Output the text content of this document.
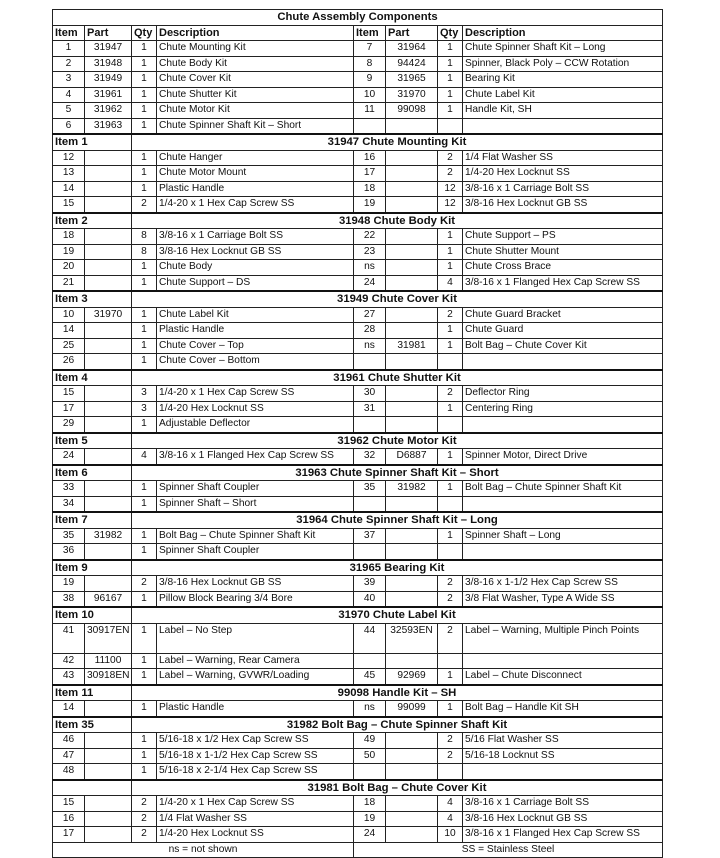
Chute Assembly Components							
Item	Part	Qty	Description	Item	Part	Qty	Description
1	31947	1	Chute Mounting Kit	7	31964	1	Chute Spinner Shaft Kit – Long
2	31948	1	Chute Body Kit	8	94424	1	Spinner, Black Poly – CCW Rotation
3	31949	1	Chute Cover Kit	9	31965	1	Bearing Kit
4	31961	1	Chute Shutter Kit	10	31970	1	Chute Label Kit
5	31962	1	Chute Motor Kit	11	99098	1	Handle Kit, SH
6	31963	1	Chute Spinner Shaft Kit – Short				
Item 1		31947 Chute Mounting Kit					
12		1	Chute Hanger	16		2	1/4 Flat Washer SS
13		1	Chute Motor Mount	17		2	1/4-20 Hex Locknut SS
14		1	Plastic Handle	18		12	3/8-16 x 1 Carriage Bolt SS
15		2	1/4-20 x 1 Hex Cap Screw SS	19		12	3/8-16 Hex Locknut GB SS
Item 2		31948 Chute Body Kit					
18		8	3/8-16 x 1 Carriage Bolt SS	22		1	Chute Support – PS
19		8	3/8-16 Hex Locknut GB SS	23		1	Chute Shutter Mount
20		1	Chute Body	ns		1	Chute Cross Brace
21		1	Chute Support – DS	24		4	3/8-16 x 1 Flanged Hex Cap Screw SS
Item 3		31949 Chute Cover Kit					
10	31970	1	Chute Label Kit	27		2	Chute Guard Bracket
14		1	Plastic Handle	28		1	Chute Guard
25		1	Chute Cover – Top	ns	31981	1	Bolt Bag – Chute Cover Kit
26		1	Chute Cover – Bottom				
Item 4		31961 Chute Shutter Kit					
15		3	1/4-20 x 1 Hex Cap Screw SS	30		2	Deflector Ring
17		3	1/4-20 Hex Locknut SS	31		1	Centering Ring
29		1	Adjustable Deflector				
Item 5		31962 Chute Motor Kit					
24		4	3/8-16 x 1 Flanged Hex Cap Screw SS	32	D6887	1	Spinner Motor, Direct Drive
Item 6		31963 Chute Spinner Shaft Kit – Short					
33		1	Spinner Shaft Coupler	35	31982	1	Bolt Bag – Chute Spinner Shaft Kit
34		1	Spinner Shaft – Short				
Item 7		31964 Chute Spinner Shaft Kit – Long					
35	31982	1	Bolt Bag – Chute Spinner Shaft Kit	37		1	Spinner Shaft – Long
36		1	Spinner Shaft Coupler				
Item 9		31965 Bearing Kit					
19		2	3/8-16 Hex Locknut GB SS	39		2	3/8-16 x 1-1/2 Hex Cap Screw SS
38	96167	1	Pillow Block Bearing 3/4 Bore	40		2	3/8 Flat Washer, Type A Wide SS
Item 10		31970 Chute Label Kit					
41	30917EN	1	Label – No Step	44	32593EN	2	Label – Warning, Multiple Pinch Points
42	11100	1	Label – Warning, Rear Camera				
43	30918EN	1	Label – Warning, GVWR/Loading	45	92969	1	Label – Chute Disconnect
Item 11		99098 Handle Kit – SH					
14		1	Plastic Handle	ns	99099	1	Bolt Bag – Handle Kit SH
Item 35		31982 Bolt Bag – Chute Spinner Shaft Kit					
46		1	5/16-18 x 1/2 Hex Cap Screw SS	49		2	5/16 Flat Washer SS
47		1	5/16-18 x 1-1/2 Hex Cap Screw SS	50		2	5/16-18 Locknut SS
48		1	5/16-18 x 2-1/4 Hex Cap Screw SS				
		31981 Bolt Bag – Chute Cover Kit					
15		2	1/4-20 x 1 Hex Cap Screw SS	18		4	3/8-16 x 1 Carriage Bolt SS
16		2	1/4 Flat Washer SS	19		4	3/8-16 Hex Locknut GB SS
17		2	1/4-20 Hex Locknut SS	24		10	3/8-16 x 1 Flanged Hex Cap Screw SS
ns = not shown				SS = Stainless Steel			
